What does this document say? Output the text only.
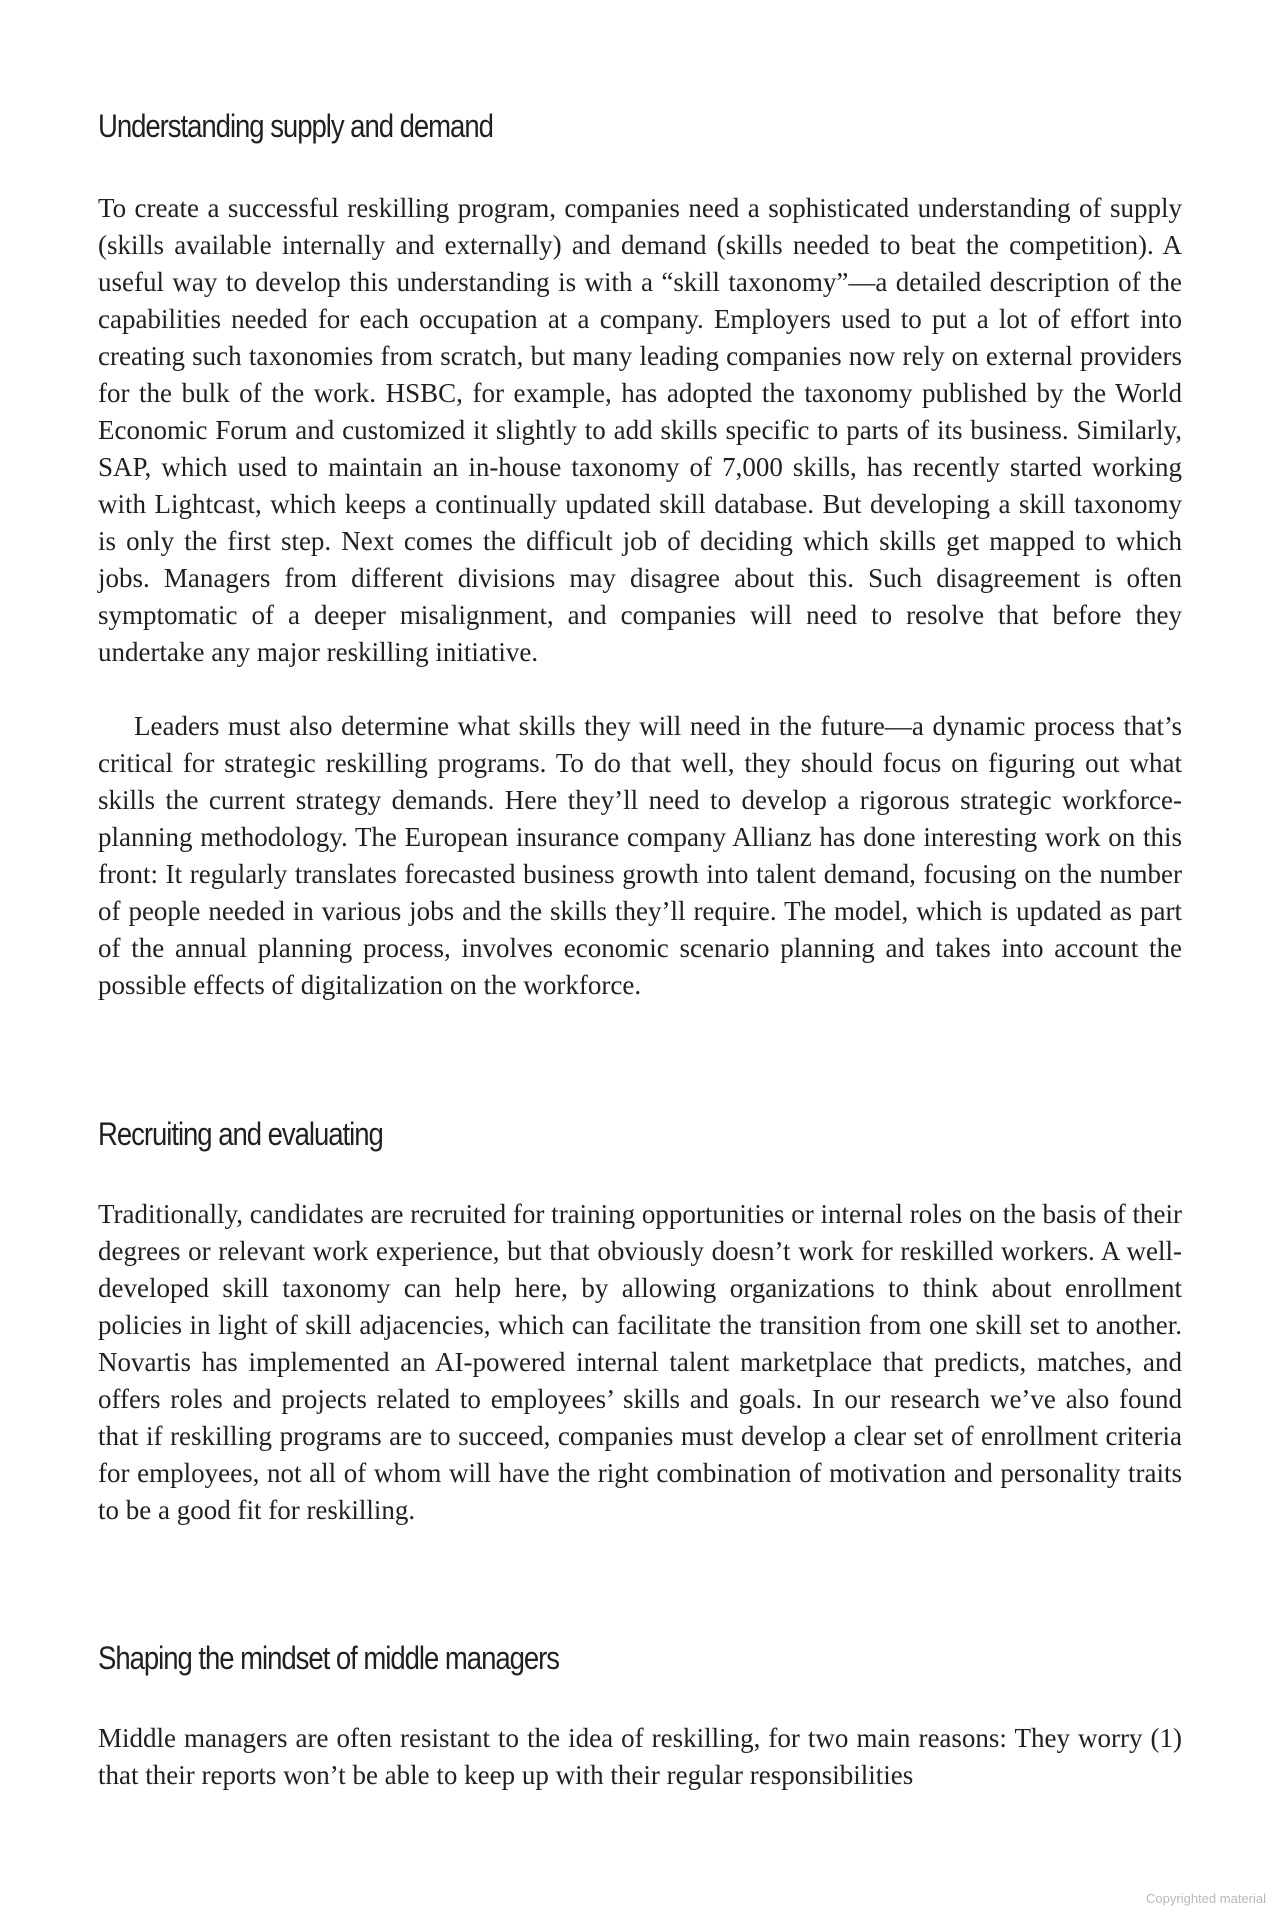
Understanding supply and demand

To create a successful reskilling program, companies need a sophisticated understanding of supply (skills available internally and externally) and demand (skills needed to beat the competition). A useful way to develop this understanding is with a “skill taxonomy”—a detailed description of the capabilities needed for each occupation at a company. Employers used to put a lot of effort into creating such taxonomies from scratch, but many leading companies now rely on external providers for the bulk of the work. HSBC, for example, has adopted the taxonomy published by the World Economic Forum and customized it slightly to add skills specific to parts of its business. Similarly, SAP, which used to maintain an in-house taxonomy of 7,000 skills, has recently started working with Lightcast, which keeps a continually updated skill database. But developing a skill taxonomy is only the first step. Next comes the difficult job of deciding which skills get mapped to which jobs. Managers from different divisions may disagree about this. Such disagreement is often symptomatic of a deeper misalignment, and companies will need to resolve that before they undertake any major reskilling initiative.

Leaders must also determine what skills they will need in the future—a dynamic process that’s critical for strategic reskilling programs. To do that well, they should focus on figuring out what skills the current strategy demands. Here they’ll need to develop a rigorous strategic workforce-planning methodology. The European insurance company Allianz has done interesting work on this front: It regularly translates forecasted business growth into talent demand, focusing on the number of people needed in various jobs and the skills they’ll require. The model, which is updated as part of the annual planning process, involves economic scenario planning and takes into account the possible effects of digitalization on the workforce.

Recruiting and evaluating

Traditionally, candidates are recruited for training opportunities or internal roles on the basis of their degrees or relevant work experience, but that obviously doesn’t work for reskilled workers. A well-developed skill taxonomy can help here, by allowing organizations to think about enrollment policies in light of skill adjacencies, which can facilitate the transition from one skill set to another. Novartis has implemented an AI-powered internal talent marketplace that predicts, matches, and offers roles and projects related to employees’ skills and goals. In our research we’ve also found that if reskilling programs are to succeed, companies must develop a clear set of enrollment criteria for employees, not all of whom will have the right combination of motivation and personality traits to be a good fit for reskilling.

Shaping the mindset of middle managers

Middle managers are often resistant to the idea of reskilling, for two main reasons: They worry (1) that their reports won’t be able to keep up with their regular responsibilities

Copyrighted material
